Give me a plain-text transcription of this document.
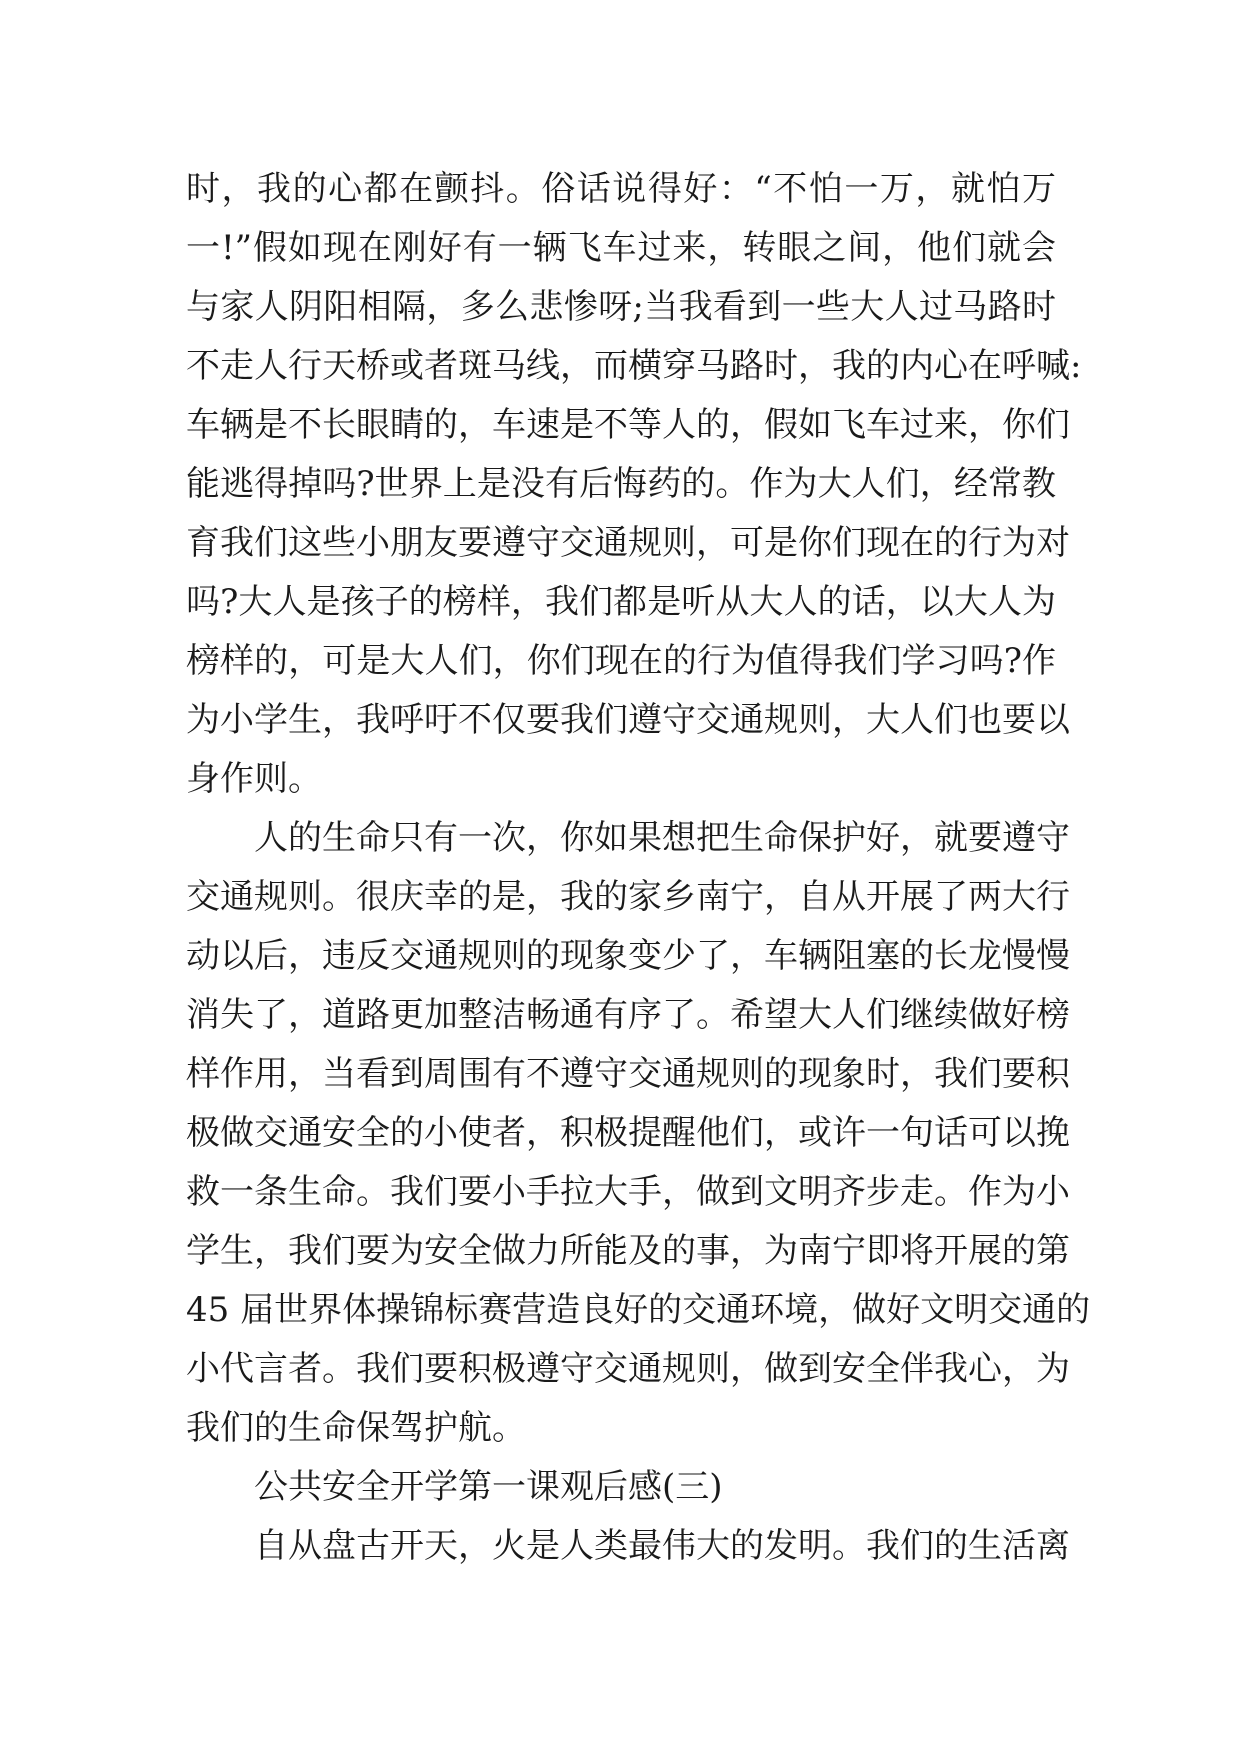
时，我的心都在颤抖。俗话说得好：“不怕一万，就怕万
一!”假如现在刚好有一辆飞车过来，转眼之间，他们就会
与家人阴阳相隔，多么悲惨呀;当我看到一些大人过马路时
不走人行天桥或者斑马线，而横穿马路时，我的内心在呼喊:
车辆是不长眼睛的，车速是不等人的，假如飞车过来，你们
能逃得掉吗?世界上是没有后悔药的。作为大人们，经常教
育我们这些小朋友要遵守交通规则，可是你们现在的行为对
吗?大人是孩子的榜样，我们都是听从大人的话，以大人为
榜样的，可是大人们，你们现在的行为值得我们学习吗?作
为小学生，我呼吁不仅要我们遵守交通规则，大人们也要以
身作则。
人的生命只有一次，你如果想把生命保护好，就要遵守
交通规则。很庆幸的是，我的家乡南宁，自从开展了两大行
动以后，违反交通规则的现象变少了，车辆阻塞的长龙慢慢
消失了，道路更加整洁畅通有序了。希望大人们继续做好榜
样作用，当看到周围有不遵守交通规则的现象时，我们要积
极做交通安全的小使者，积极提醒他们，或许一句话可以挽
救一条生命。我们要小手拉大手，做到文明齐步走。作为小
学生，我们要为安全做力所能及的事，为南宁即将开展的第
45 届世界体操锦标赛营造良好的交通环境，做好文明交通的
小代言者。我们要积极遵守交通规则，做到安全伴我心，为
我们的生命保驾护航。
公共安全开学第一课观后感(三)
自从盘古开天，火是人类最伟大的发明。我们的生活离
